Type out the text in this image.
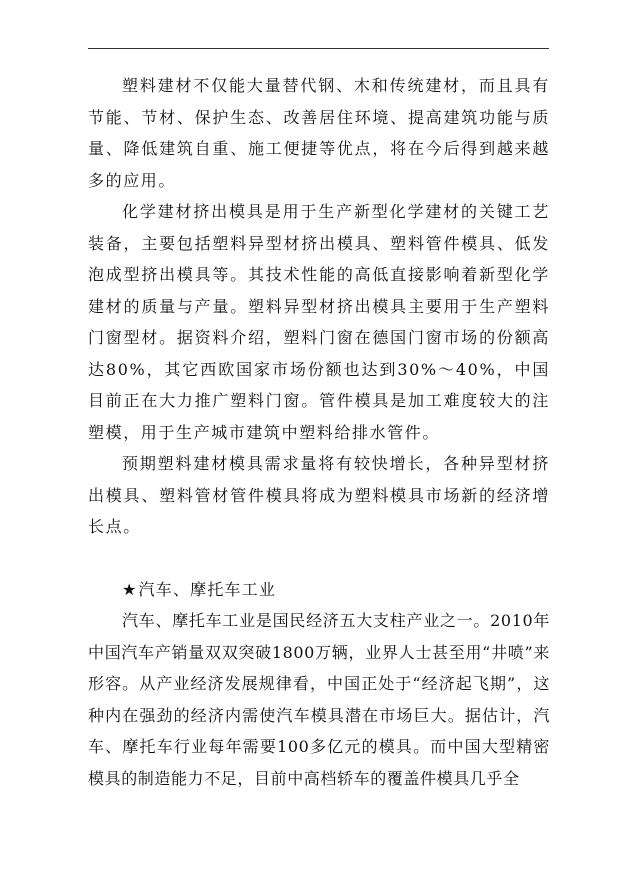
塑料建材不仅能大量替代钢、木和传统建材，而且具有节能、节材、保护生态、改善居住环境、提高建筑功能与质量、降低建筑自重、施工便捷等优点，将在今后得到越来越多的应用。

化学建材挤出模具是用于生产新型化学建材的关键工艺装备，主要包括塑料异型材挤出模具、塑料管件模具、低发泡成型挤出模具等。其技术性能的高低直接影响着新型化学建材的质量与产量。塑料异型材挤出模具主要用于生产塑料门窗型材。据资料介绍，塑料门窗在德国门窗市场的份额高达80%，其它西欧国家市场份额也达到30%～40%，中国目前正在大力推广塑料门窗。管件模具是加工难度较大的注塑模，用于生产城市建筑中塑料给排水管件。

预期塑料建材模具需求量将有较快增长，各种异型材挤出模具、塑料管材管件模具将成为塑料模具市场新的经济增长点。

★汽车、摩托车工业

汽车、摩托车工业是国民经济五大支柱产业之一。2010年中国汽车产销量双双突破1800万辆，业界人士甚至用“井喷”来形容。从产业经济发展规律看，中国正处于“经济起飞期”，这种内在强劲的经济内需使汽车模具潜在市场巨大。据估计，汽车、摩托车行业每年需要100多亿元的模具。而中国大型精密模具的制造能力不足，目前中高档轿车的覆盖件模具几乎全
